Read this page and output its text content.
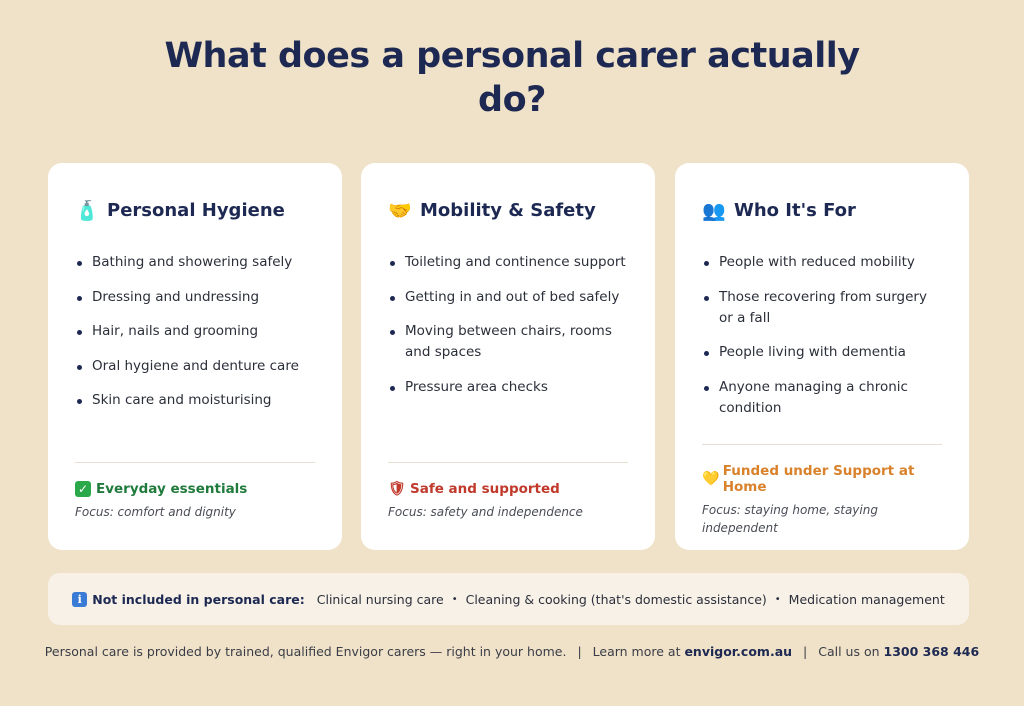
What does a personal carer actually do?
🧴 Personal Hygiene
Bathing and showering safely
Dressing and undressing
Hair, nails and grooming
Oral hygiene and denture care
Skin care and moisturising
✓ Everyday essentials
Focus: comfort and dignity
🤝 Mobility & Safety
Toileting and continence support
Getting in and out of bed safely
Moving between chairs, rooms and spaces
Pressure area checks
🛡 Safe and supported
Focus: safety and independence
👥 Who It's For
People with reduced mobility
Those recovering from surgery or a fall
People living with dementia
Anyone managing a chronic condition
💛 Funded under Support at Home
Focus: staying home, staying independent
i Not included in personal care: Clinical nursing care • Cleaning & cooking (that's domestic assistance) • Medication management
Personal care is provided by trained, qualified Envigor carers — right in your home. | Learn more at envigor.com.au | Call us on 1300 368 446
